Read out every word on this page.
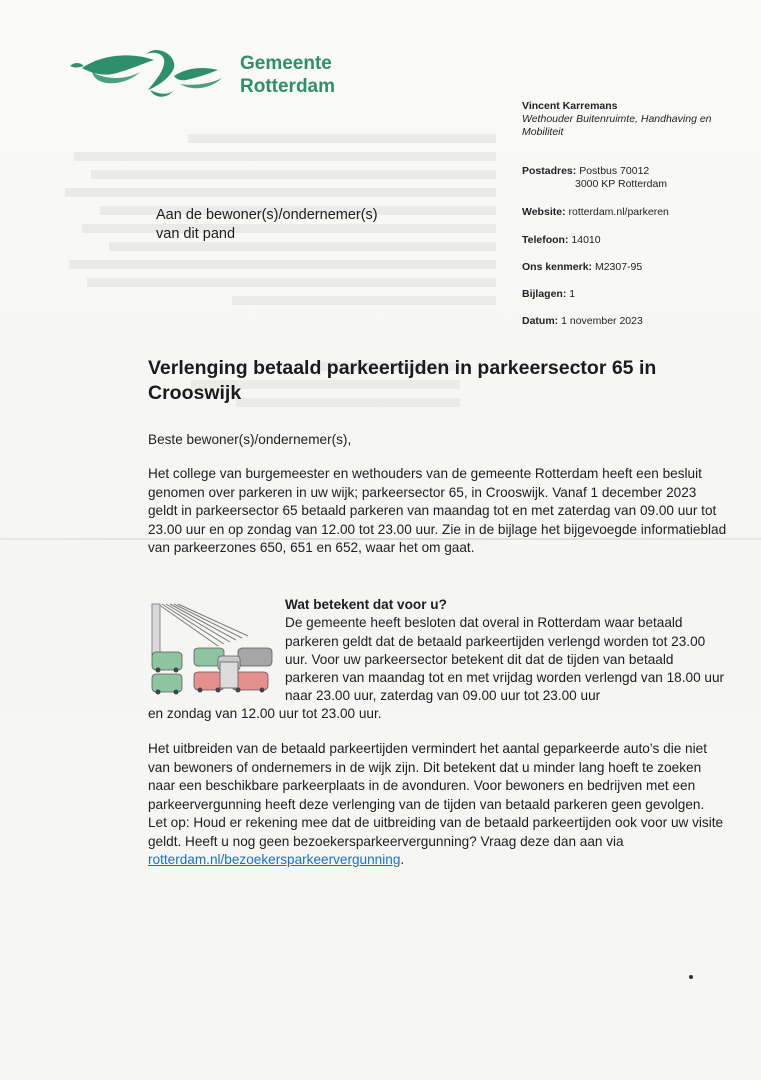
Gemeente
Rotterdam
Vincent Karremans
Wethouder Buitenruimte, Handhaving en Mobiliteit
Postadres: Postbus 70012
3000 KP Rotterdam
Website: rotterdam.nl/parkeren
Telefoon: 14010
Ons kenmerk: M2307-95
Bijlagen: 1
Datum: 1 november 2023
Aan de bewoner(s)/ondernemer(s)
van dit pand
Verlenging betaald parkeertijden in parkeersector 65 in Crooswijk
Beste bewoner(s)/ondernemer(s),
Het college van burgemeester en wethouders van de gemeente Rotterdam heeft een besluit genomen over parkeren in uw wijk; parkeersector 65, in Crooswijk. Vanaf 1 december 2023 geldt in parkeersector 65 betaald parkeren van maandag tot en met zaterdag van 09.00 uur tot 23.00 uur en op zondag van 12.00 tot 23.00 uur. Zie in de bijlage het bijgevoegde informatieblad van parkeerzones 650, 651 en 652, waar het om gaat.
Wat betekent dat voor u?
De gemeente heeft besloten dat overal in Rotterdam waar betaald parkeren geldt dat de betaald parkeertijden verlengd worden tot 23.00 uur. Voor uw parkeersector betekent dit dat de tijden van betaald parkeren van maandag tot en met vrijdag worden verlengd van 18.00 uur naar 23.00 uur, zaterdag van 09.00 uur tot 23.00 uur
en zondag van 12.00 uur tot 23.00 uur.
Het uitbreiden van de betaald parkeertijden vermindert het aantal geparkeerde auto’s die niet van bewoners of ondernemers in de wijk zijn. Dit betekent dat u minder lang hoeft te zoeken naar een beschikbare parkeerplaats in de avonduren. Voor bewoners en bedrijven met een parkeervergunning heeft deze verlenging van de tijden van betaald parkeren geen gevolgen.
Let op: Houd er rekening mee dat de uitbreiding van de betaald parkeertijden ook voor uw visite geldt. Heeft u nog geen bezoekersparkeervergunning? Vraag deze dan aan via
rotterdam.nl/bezoekersparkeervergunning.
